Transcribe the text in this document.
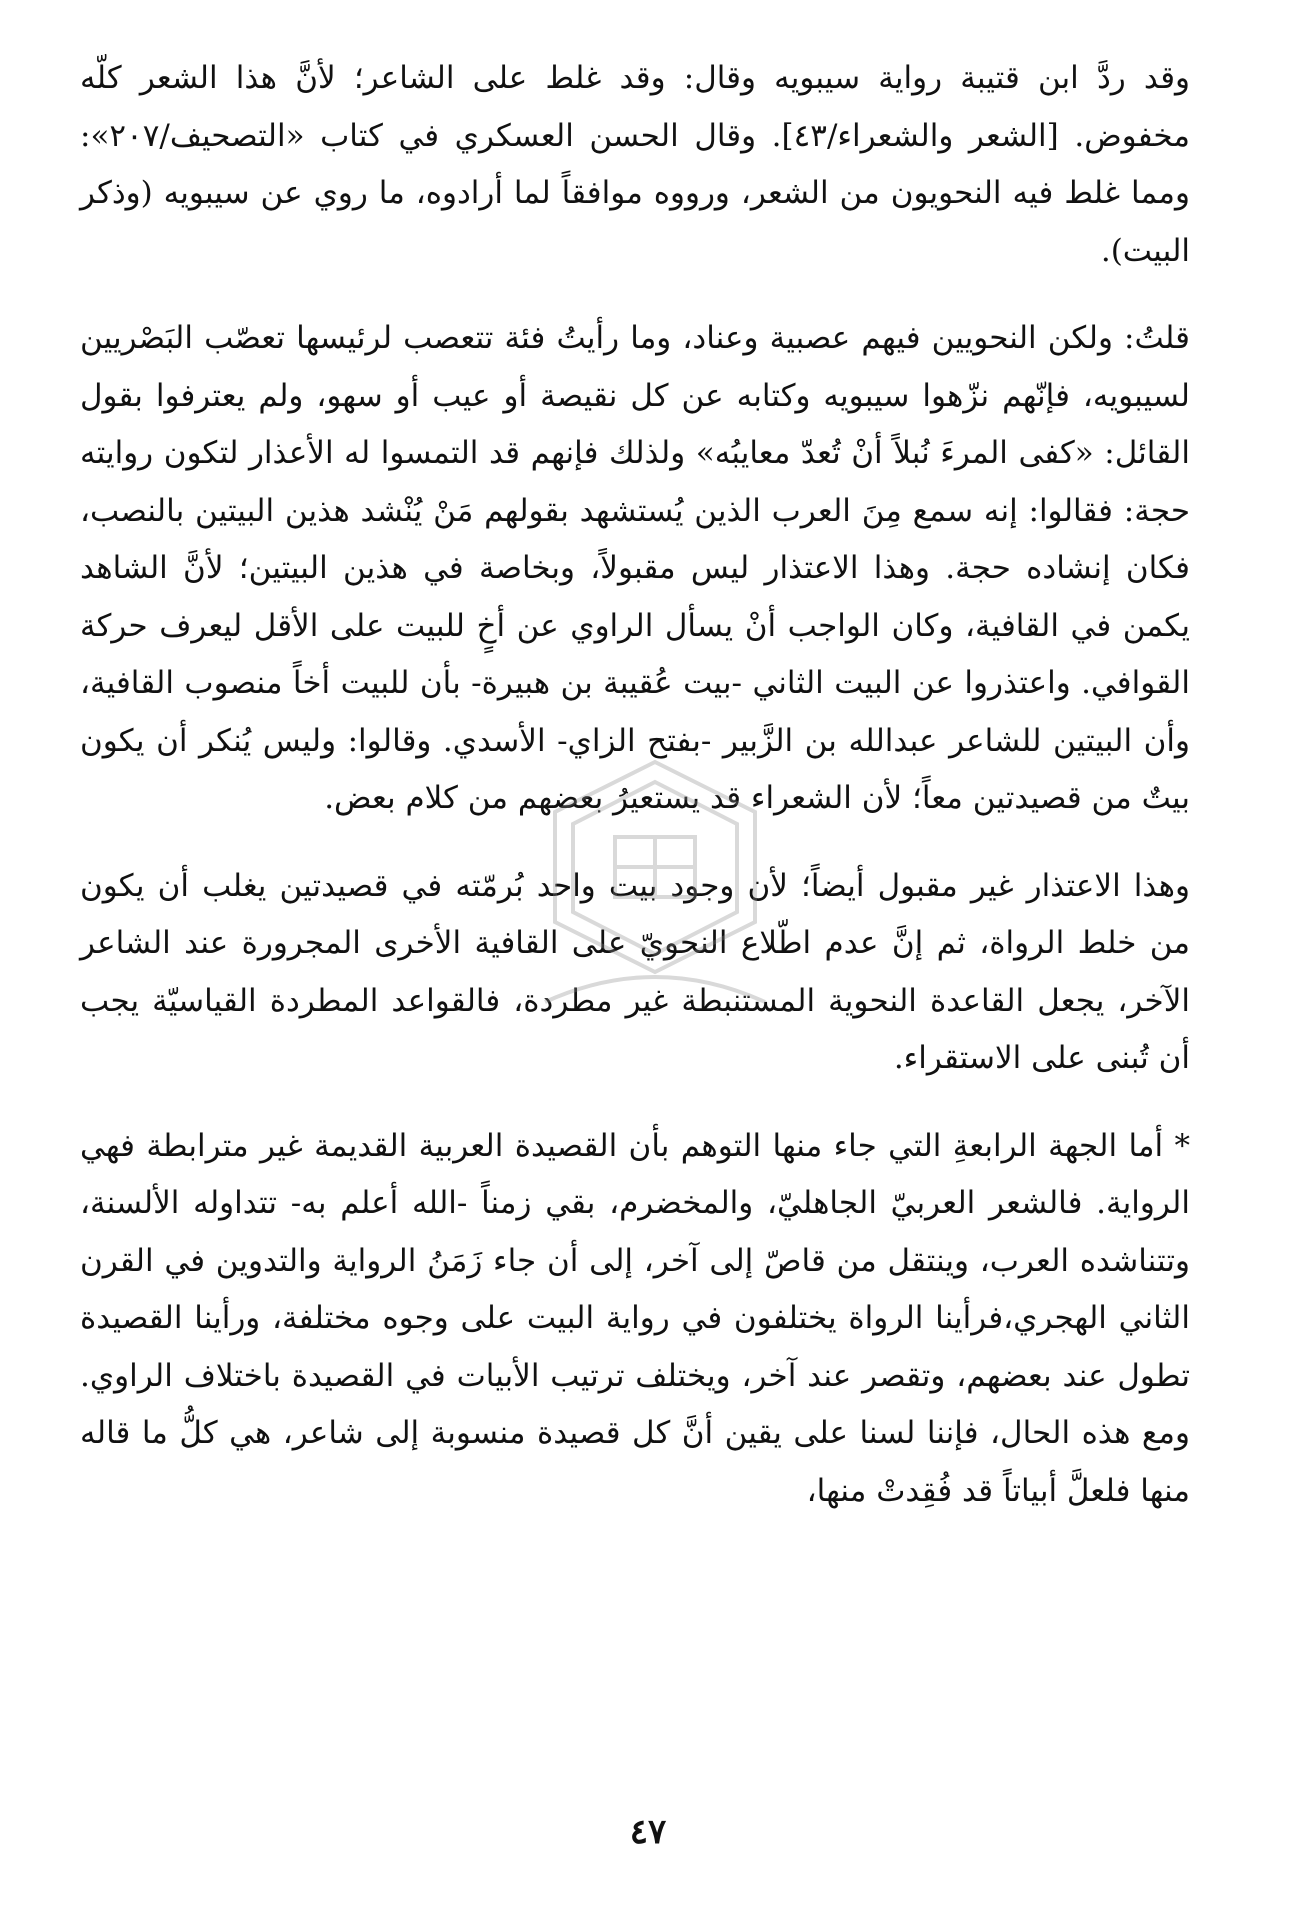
وقد ردَّ ابن قتيبة رواية سيبويه وقال: وقد غلط على الشاعر؛ لأنَّ هذا الشعر كلّه مخفوض. [الشعر والشعراء/٤٣]. وقال الحسن العسكري في كتاب «التصحيف/٢٠٧»: ومما غلط فيه النحويون من الشعر، ورووه موافقاً لما أرادوه، ما روي عن سيبويه (وذكر البيت).

قلتُ: ولكن النحويين فيهم عصبية وعناد، وما رأيتُ فئة تتعصب لرئيسها تعصّب البَصْريين لسيبويه، فإنّهم نزّهوا سيبويه وكتابه عن كل نقيصة أو عيب أو سهو، ولم يعترفوا بقول القائل: «كفى المرءَ نُبلاً أنْ تُعدّ معايبُه» ولذلك فإنهم قد التمسوا له الأعذار لتكون روايته حجة: فقالوا: إنه سمع مِنَ العرب الذين يُستشهد بقولهم مَنْ يُنْشد هذين البيتين بالنصب، فكان إنشاده حجة. وهذا الاعتذار ليس مقبولاً، وبخاصة في هذين البيتين؛ لأنَّ الشاهد يكمن في القافية، وكان الواجب أنْ يسأل الراوي عن أخٍ للبيت على الأقل ليعرف حركة القوافي. واعتذروا عن البيت الثاني -بيت عُقيبة بن هبيرة- بأن للبيت أخاً منصوب القافية، وأن البيتين للشاعر عبدالله بن الزَّبير -بفتح الزاي- الأسدي. وقالوا: وليس يُنكر أن يكون بيتٌ من قصيدتين معاً؛ لأن الشعراء قد يستعيرُ بعضهم من كلام بعض.

وهذا الاعتذار غير مقبول أيضاً؛ لأن وجود بيت واحد بُرمّته في قصيدتين يغلب أن يكون من خلط الرواة، ثم إنَّ عدم اطّلاع النحويّ على القافية الأخرى المجرورة عند الشاعر الآخر، يجعل القاعدة النحوية المستنبطة غير مطردة، فالقواعد المطردة القياسيّة يجب أن تُبنى على الاستقراء.

* أما الجهة الرابعةِ التي جاء منها التوهم بأن القصيدة العربية القديمة غير مترابطة فهي الرواية. فالشعر العربيّ الجاهليّ، والمخضرم، بقي زمناً -الله أعلم به- تتداوله الألسنة، وتتناشده العرب، وينتقل من قاصّ إلى آخر، إلى أن جاء زَمَنُ الرواية والتدوين في القرن الثاني الهجري،فرأينا الرواة يختلفون في رواية البيت على وجوه مختلفة، ورأينا القصيدة تطول عند بعضهم، وتقصر عند آخر، ويختلف ترتيب الأبيات في القصيدة باختلاف الراوي. ومع هذه الحال، فإننا لسنا على يقين أنَّ كل قصيدة منسوبة إلى شاعر، هي كلُّ ما قاله منها فلعلَّ أبياتاً قد فُقِدتْ منها،

٤٧
